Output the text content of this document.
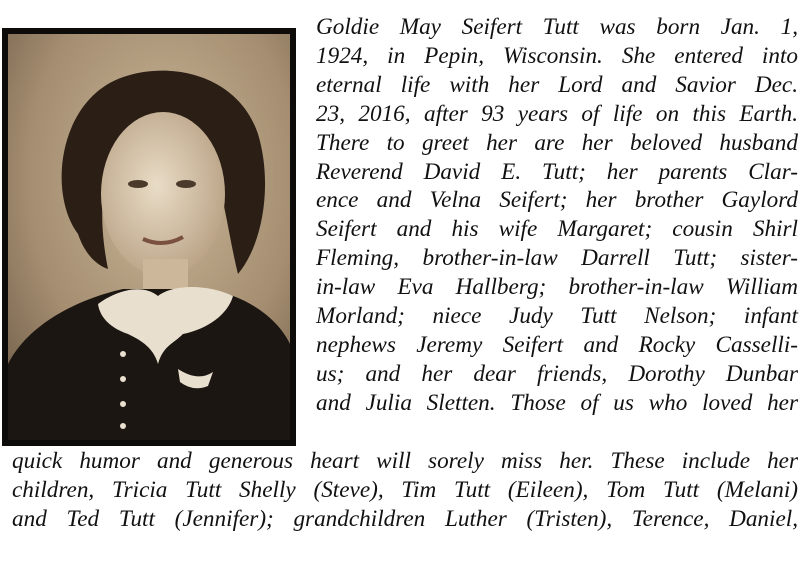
Goldie May Seifert Tutt was born Jan. 1,
1924, in Pepin, Wisconsin. She entered into
eternal life with her Lord and Savior Dec.
23, 2016, after 93 years of life on this Earth.
There to greet her are her beloved husband
Reverend David E. Tutt; her parents Clar-
ence and Velna Seifert; her brother Gaylord
Seifert and his wife Margaret; cousin Shirl
Fleming, brother-in-law Darrell Tutt; sister-
in-law Eva Hallberg; brother-in-law William
Morland; niece Judy Tutt Nelson; infant
nephews Jeremy Seifert and Rocky Casselli-
us; and her dear friends, Dorothy Dunbar
and Julia Sletten. Those of us who loved her
quick humor and generous heart will sorely miss her. These include her
children, Tricia Tutt Shelly (Steve), Tim Tutt (Eileen), Tom Tutt (Melani)
and Ted Tutt (Jennifer); grandchildren Luther (Tristen), Terence, Daniel,
